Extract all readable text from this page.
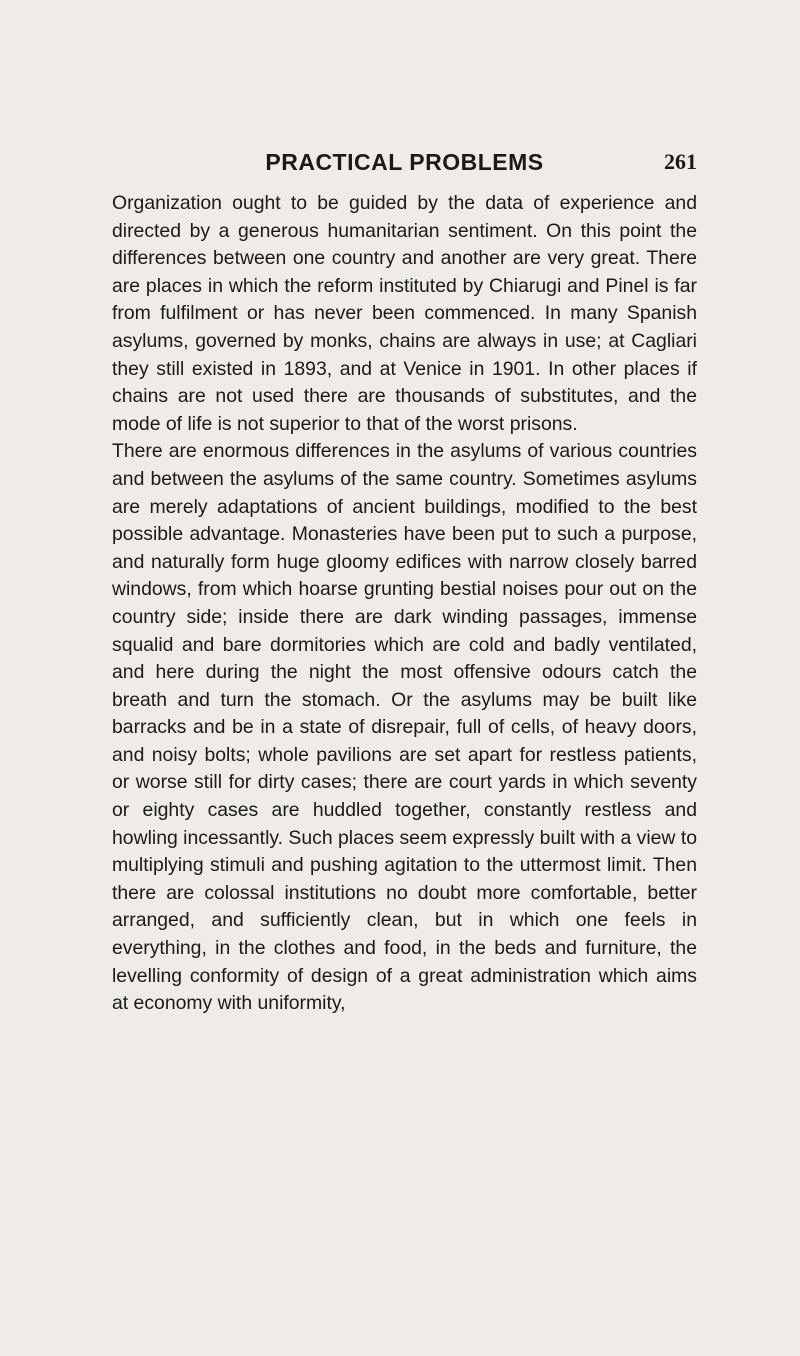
PRACTICAL PROBLEMS	261

Organization ought to be guided by the data of experience and directed by a generous humanitarian sentiment. On this point the differences between one country and another are very great. There are places in which the reform instituted by Chiarugi and Pinel is far from fulfilment or has never been commenced. In many Spanish asylums, governed by monks, chains are always in use; at Cagliari they still existed in 1893, and at Venice in 1901. In other places if chains are not used there are thousands of substitutes, and the mode of life is not superior to that of the worst prisons.

There are enormous differences in the asylums of various countries and between the asylums of the same country. Sometimes asylums are merely adaptations of ancient buildings, modified to the best possible advantage. Monasteries have been put to such a purpose, and naturally form huge gloomy edifices with narrow closely barred windows, from which hoarse grunting bestial noises pour out on the country side; inside there are dark winding passages, immense squalid and bare dormitories which are cold and badly ventilated, and here during the night the most offensive odours catch the breath and turn the stomach. Or the asylums may be built like barracks and be in a state of disrepair, full of cells, of heavy doors, and noisy bolts; whole pavilions are set apart for restless patients, or worse still for dirty cases; there are court yards in which seventy or eighty cases are huddled together, constantly restless and howling incessantly. Such places seem expressly built with a view to multiplying stimuli and pushing agitation to the uttermost limit. Then there are colossal institutions no doubt more comfortable, better arranged, and sufficiently clean, but in which one feels in everything, in the clothes and food, in the beds and furniture, the levelling conformity of design of a great administration which aims at economy with uniformity,
